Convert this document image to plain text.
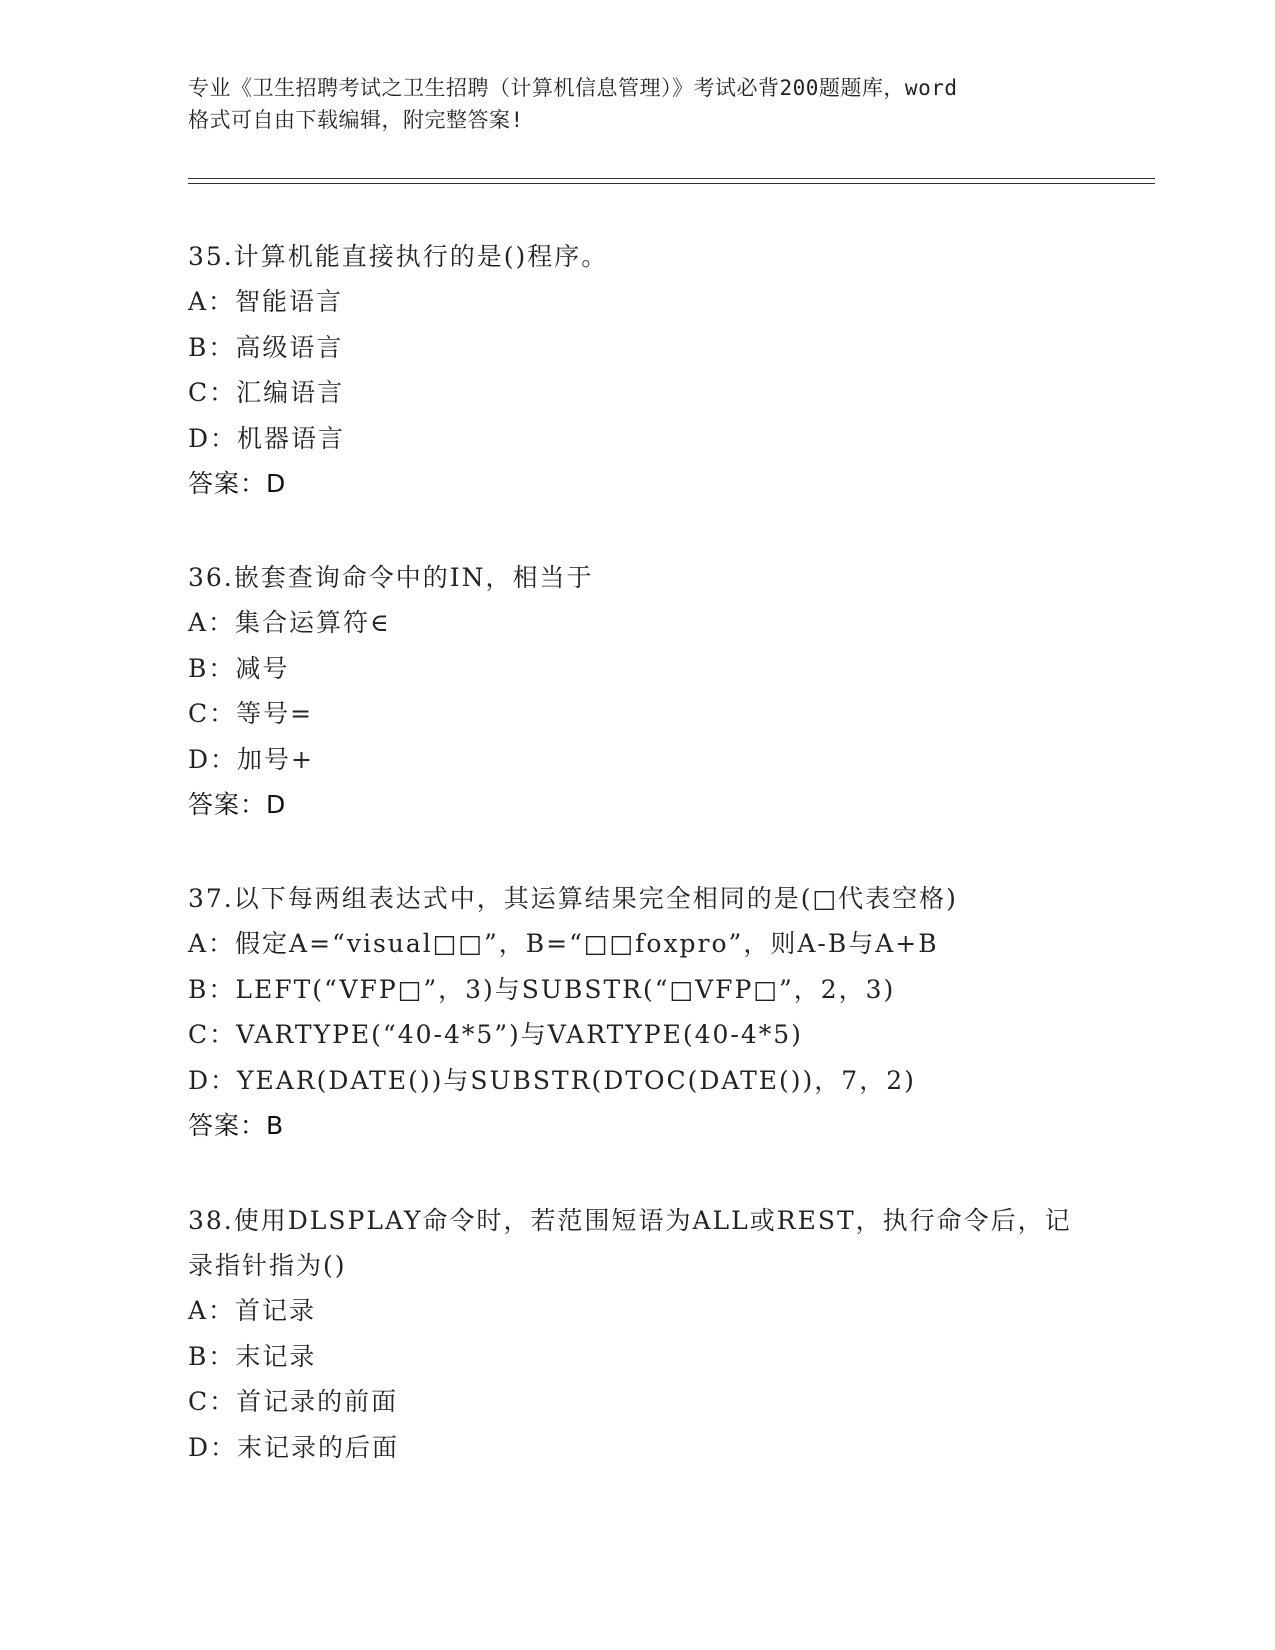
专业《卫生招聘考试之卫生招聘（计算机信息管理）》考试必背200题题库，word
格式可自由下载编辑，附完整答案!
35.计算机能直接执行的是()程序。
A：智能语言
B：高级语言
C：汇编语言
D：机器语言
答案：D
36.嵌套查询命令中的IN，相当于
A：集合运算符∈
B：减号
C：等号=
D：加号+
答案：D
37.以下每两组表达式中，其运算结果完全相同的是(□代表空格)
A：假定A=“visual□□”，B=“□□foxpro”，则A-B与A+B
B：LEFT(“VFP□”，3)与SUBSTR(“□VFP□”，2，3)
C：VARTYPE(“40-4*5”)与VARTYPE(40-4*5)
D：YEAR(DATE())与SUBSTR(DTOC(DATE())，7，2)
答案：B
38.使用DLSPLAY命令时，若范围短语为ALL或REST，执行命令后，记
录指针指为()
A：首记录
B：末记录
C：首记录的前面
D：末记录的后面
